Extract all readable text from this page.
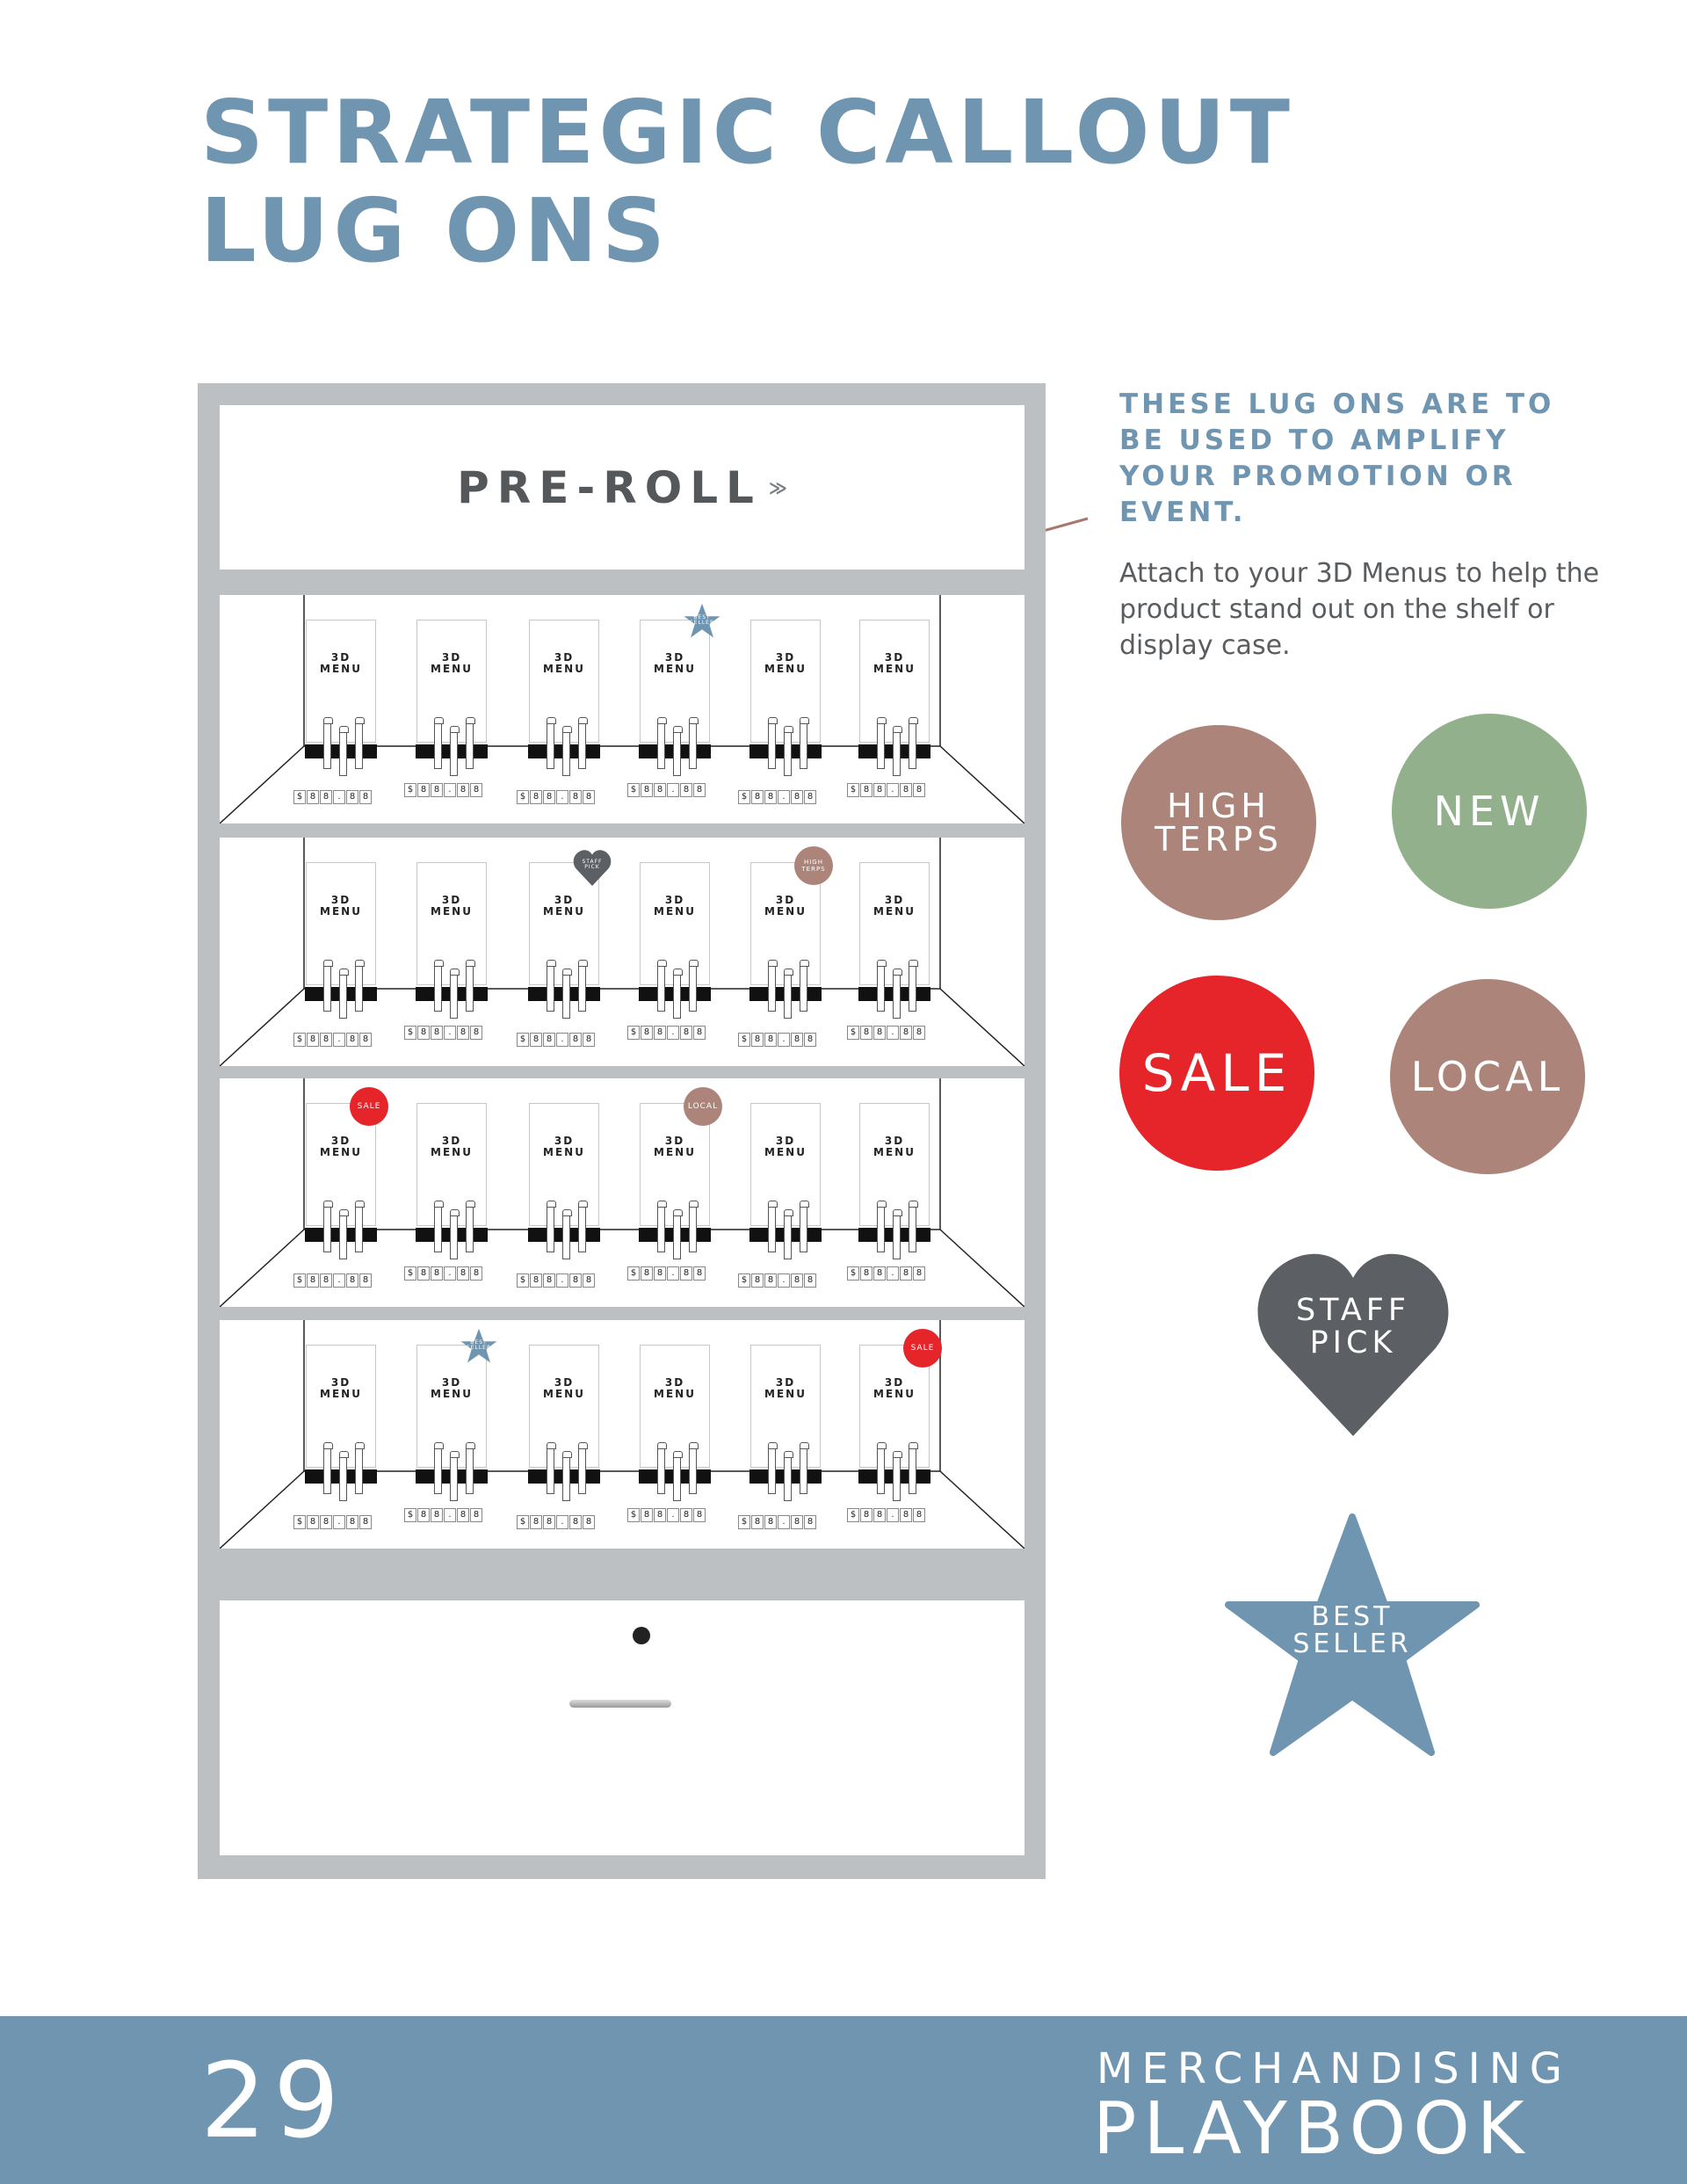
STRATEGIC CALLOUT
LUG ONS
THESE LUG ONS ARE TO BE USED TO AMPLIFY YOUR PROMOTION OR EVENT.
Attach to your 3D Menus to help the product stand out on the shelf or display case.
PRE-ROLL ≫
3D
MENU
$ 8 8	.	8 8
3D
MENU
$ 8 8	.	8 8
3D
MENU
$ 8 8	.	8 8
3D
MENU
$ 8 8	.	8 8
3D
MENU
$ 8 8	.	8 8
3D
MENU
$ 8 8	.	8 8
BEST
SELLER
3D
MENU
$ 8 8	.	8 8
3D
MENU
$ 8 8	.	8 8
3D
MENU
$ 8 8	.	8 8
3D
MENU
$ 8 8	.	8 8
3D
MENU
$ 8 8	.	8 8
3D
MENU
$ 8 8	.	8 8
STAFF
PICK
HIGH
TERPS
3D
MENU
$ 8 8	.	8 8
3D
MENU
$ 8 8	.	8 8
3D
MENU
$ 8 8	.	8 8
3D
MENU
$ 8 8	.	8 8
3D
MENU
$ 8 8	.	8 8
3D
MENU
$ 8 8	.	8 8
SALE	LOCAL
3D
MENU
$ 8 8	.	8 8
3D
MENU
$ 8 8	.	8 8
3D
MENU
$ 8 8	.	8 8
3D
MENU
$ 8 8	.	8 8
3D
MENU
$ 8 8	.	8 8
3D
MENU
$ 8 8	.	8 8
BEST
SELLER	SALE
HIGH
TERPS
NEW
SALE	LOCAL
STAFF
PICK
BEST
SELLER
29	MERCHANDISING
PLAYBOOK
